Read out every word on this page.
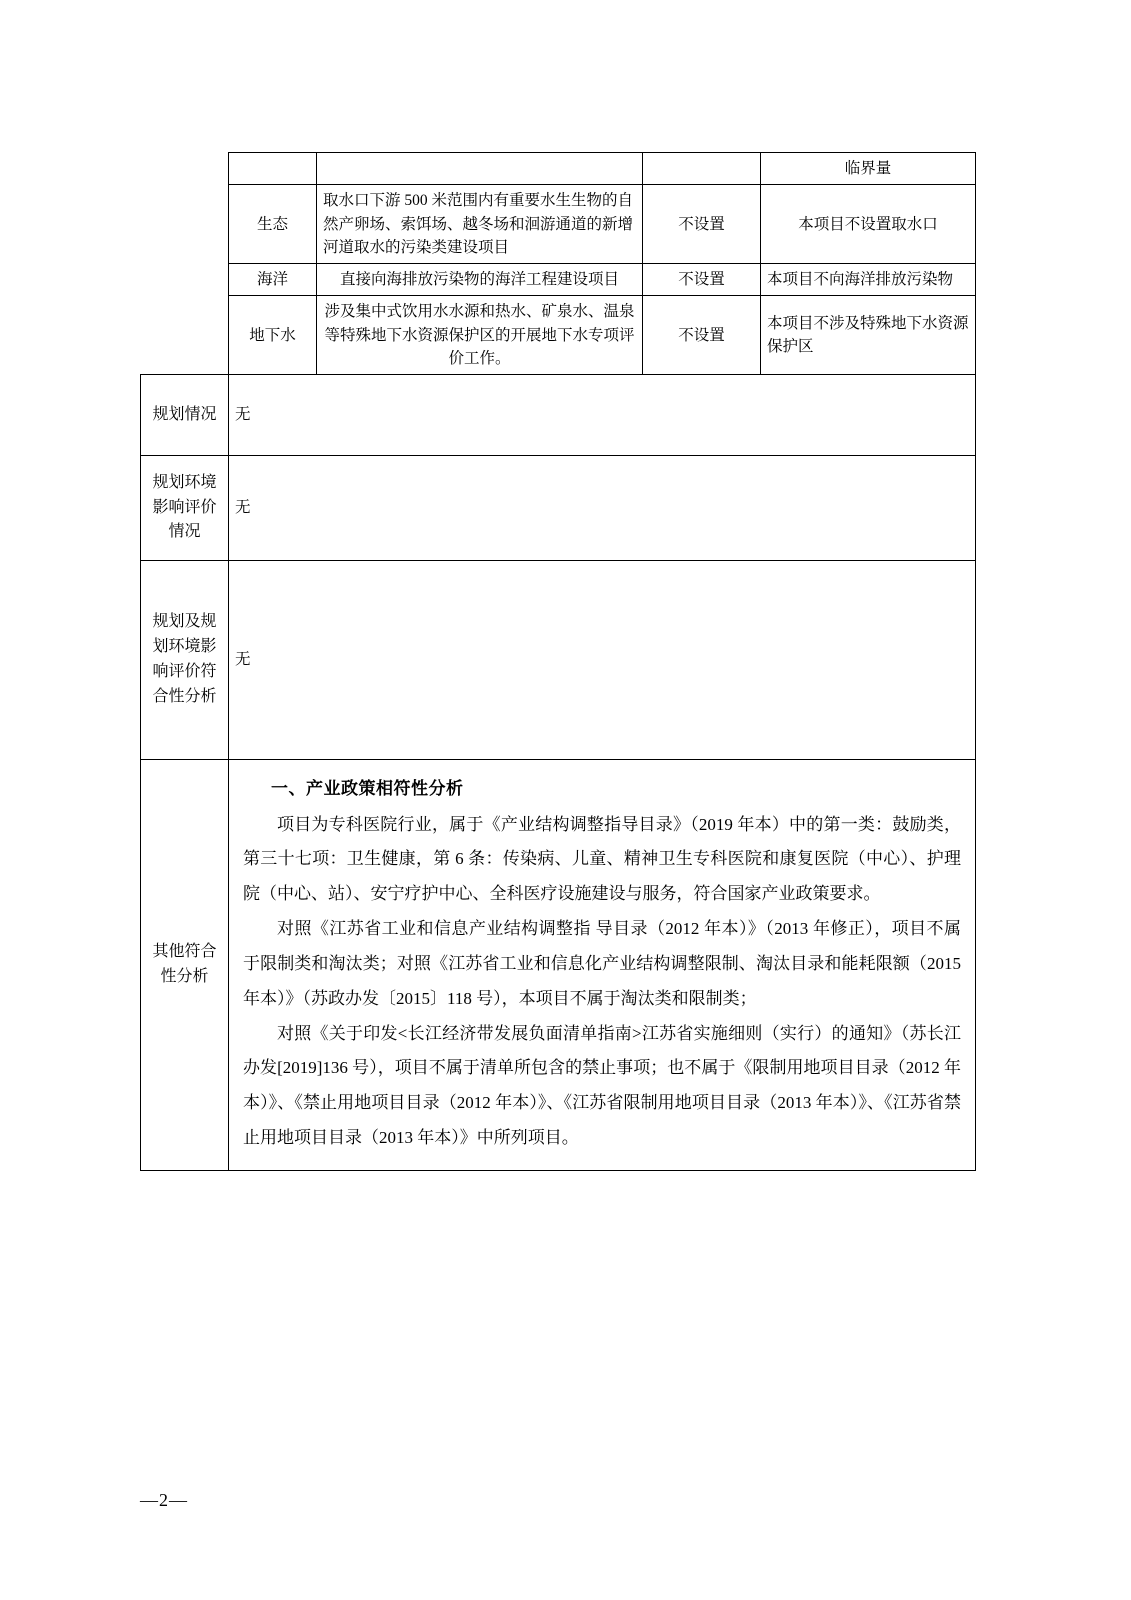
				临界量
	生态	取水口下游 500 米范围内有重要水生生物的自然产卵场、索饵场、越冬场和洄游通道的新增河道取水的污染类建设项目	不设置	本项目不设置取水口
	海洋	直接向海排放污染物的海洋工程建设项目	不设置	本项目不向海洋排放污染物
	地下水	涉及集中式饮用水水源和热水、矿泉水、温泉等特殊地下水资源保护区的开展地下水专项评价工作。	不设置	本项目不涉及特殊地下水资源保护区
规划情况	无			
规划环境影响评价情况	无			
规划及规划环境影响评价符合性分析	无			
其他符合性分析	一、产业政策相符性分析

项目为专科医院行业，属于《产业结构调整指导目录》（2019 年本）中的第一类：鼓励类，第三十七项：卫生健康，第 6 条：传染病、儿童、精神卫生专科医院和康复医院（中心）、护理院（中心、站）、安宁疗护中心、全科医疗设施建设与服务，符合国家产业政策要求。

对照《江苏省工业和信息产业结构调整指 导目录（2012 年本）》（2013 年修正），项目不属于限制类和淘汰类；对照《江苏省工业和信息化产业结构调整限制、淘汰目录和能耗限额（2015 年本）》（苏政办发〔2015〕118 号），本项目不属于淘汰类和限制类；

对照《关于印发<长江经济带发展负面清单指南>江苏省实施细则（实行）的通知》（苏长江办发[2019]136 号），项目不属于清单所包含的禁止事项；也不属于《限制用地项目目录（2012 年本）》、《禁止用地项目目录（2012 年本）》、《江苏省限制用地项目目录（2013 年本）》、《江苏省禁止用地项目目录（2013 年本）》中所列项目。			

—2—
